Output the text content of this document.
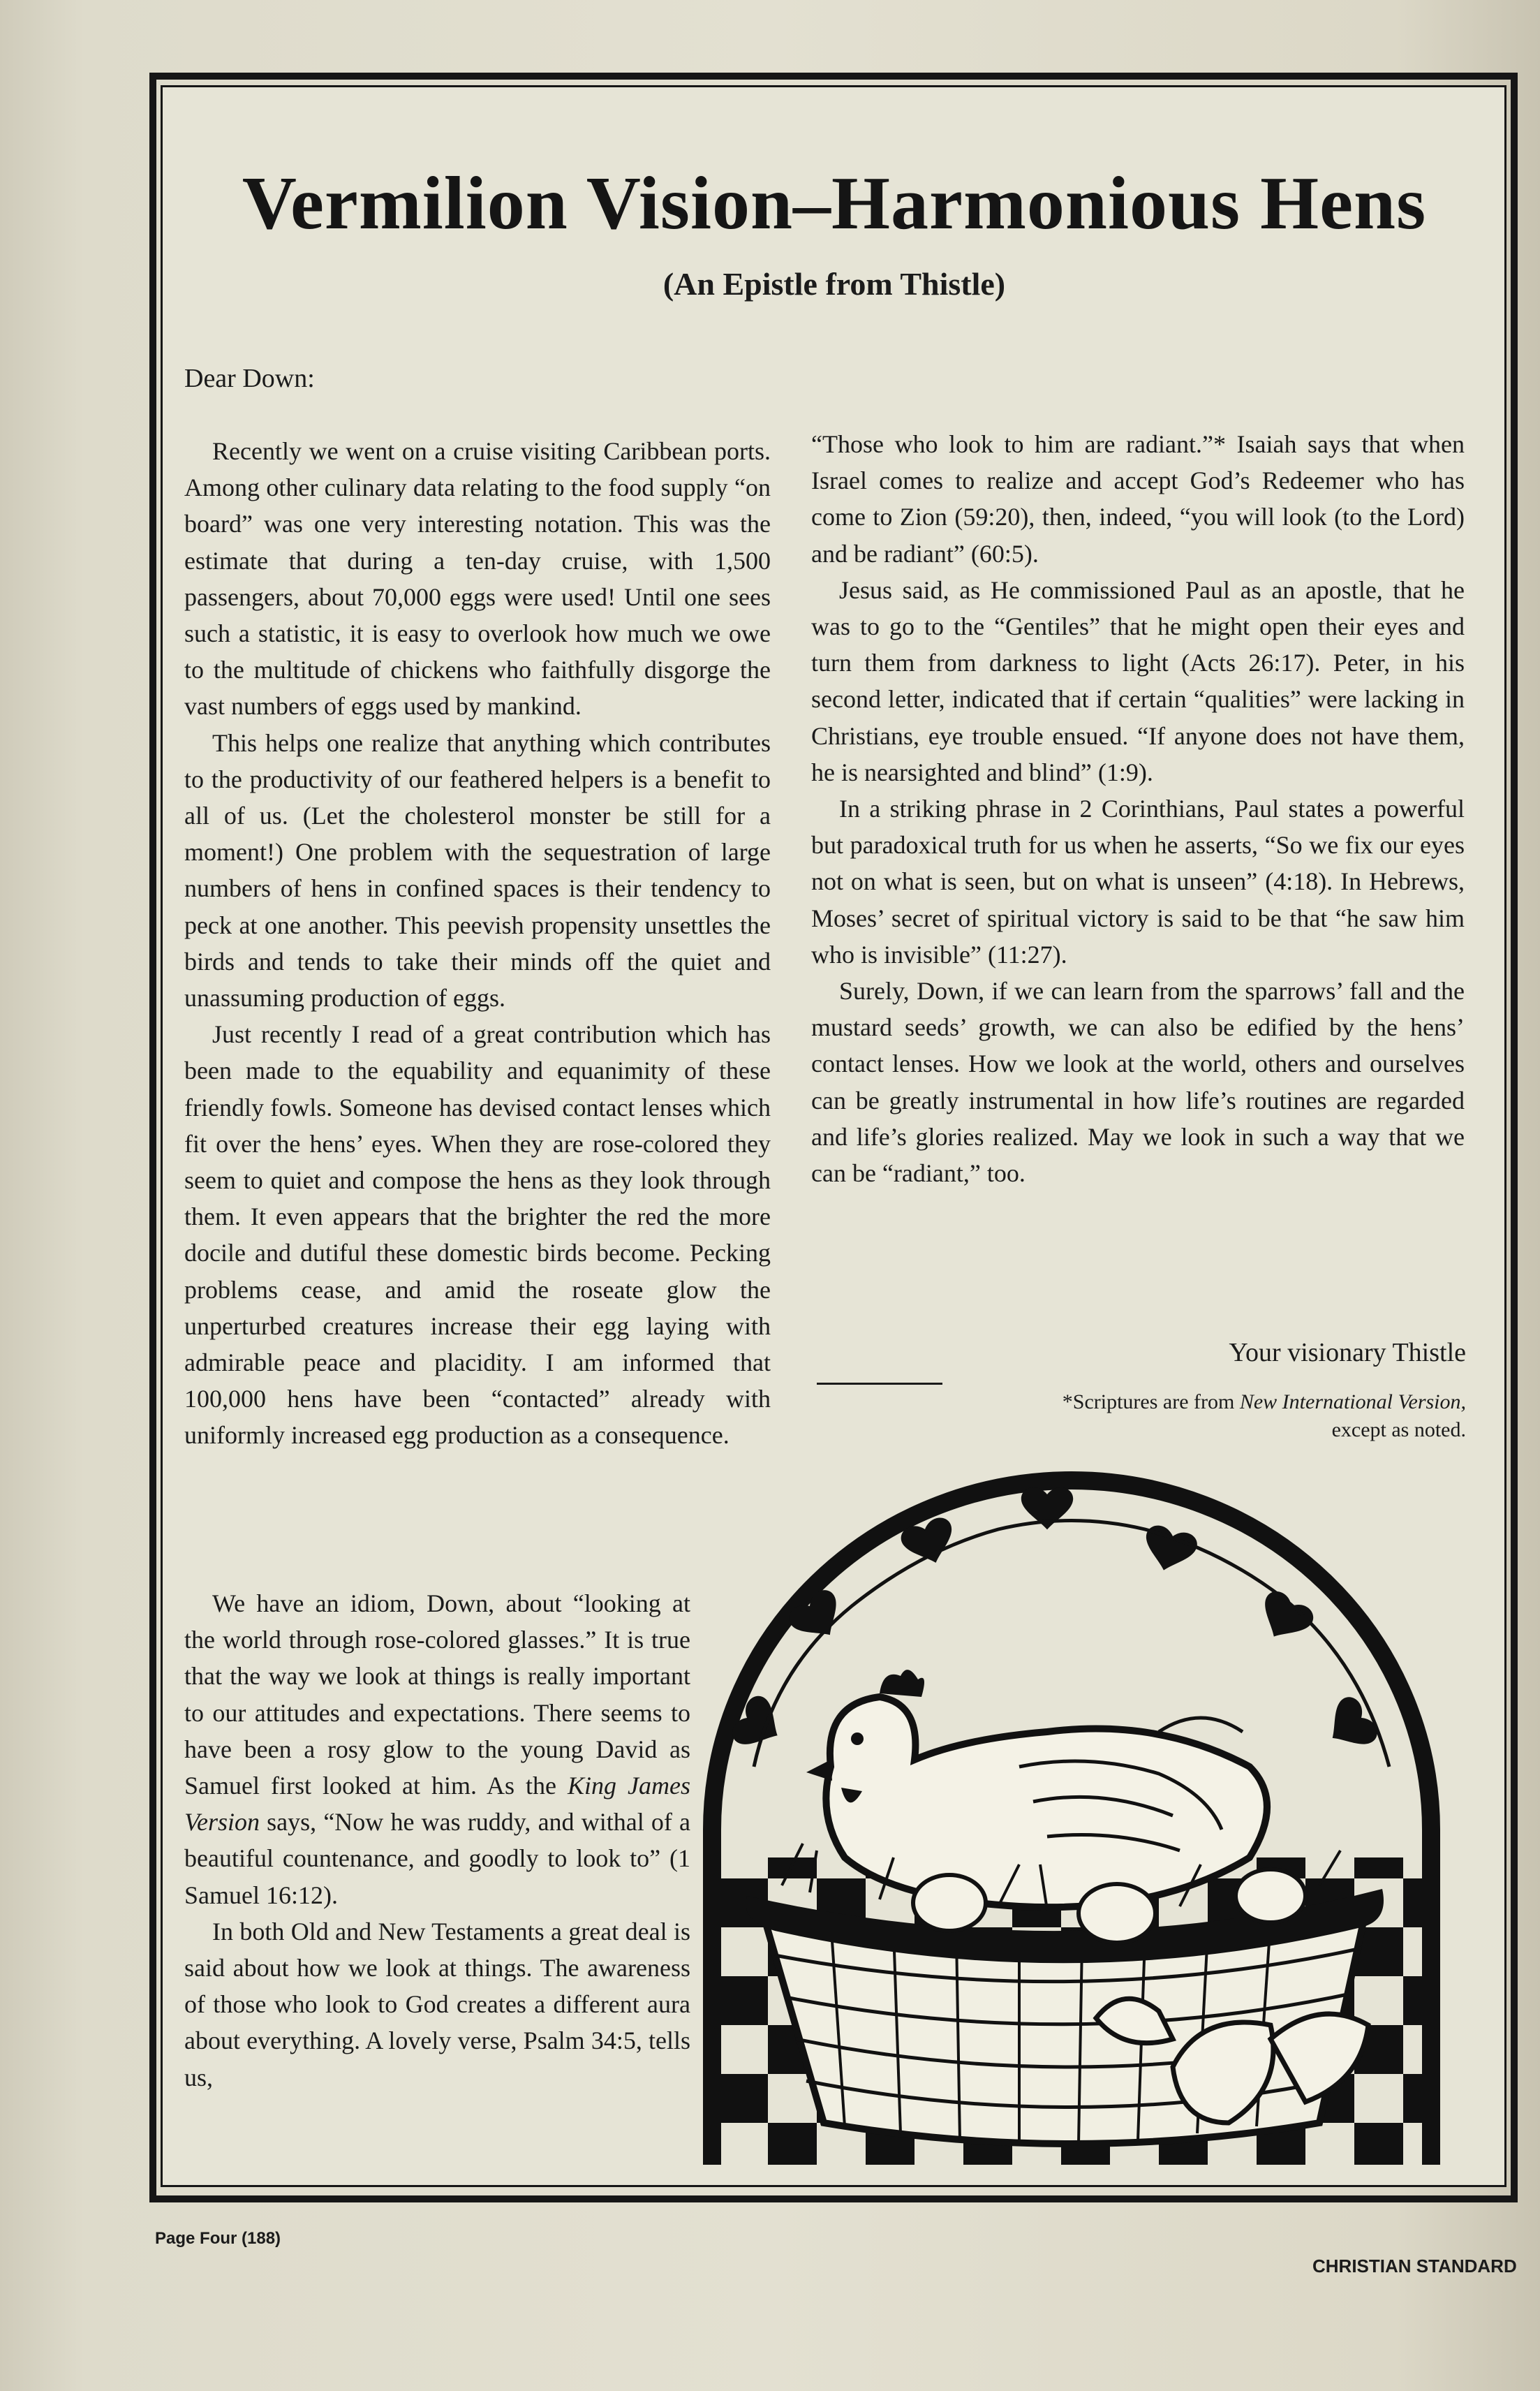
Vermilion Vision–Harmonious Hens
(An Epistle from Thistle)

Dear Down:

Recently we went on a cruise visiting Caribbean ports. Among other culinary data relating to the food supply “on board” was one very interesting notation. This was the estimate that during a ten-day cruise, with 1,500 passengers, about 70,000 eggs were used! Until one sees such a statistic, it is easy to overlook how much we owe to the multitude of chickens who faithfully disgorge the vast numbers of eggs used by mankind.

This helps one realize that anything which contributes to the productivity of our feathered helpers is a benefit to all of us. (Let the cholesterol monster be still for a moment!) One problem with the sequestration of large numbers of hens in confined spaces is their tendency to peck at one another. This peevish propensity unsettles the birds and tends to take their minds off the quiet and unassuming production of eggs.

Just recently I read of a great contribution which has been made to the equability and equanimity of these friendly fowls. Someone has devised contact lenses which fit over the hens’ eyes. When they are rose-colored they seem to quiet and compose the hens as they look through them. It even appears that the brighter the red the more docile and dutiful these domestic birds become. Pecking problems cease, and amid the roseate glow the unperturbed creatures increase their egg laying with admirable peace and placidity. I am informed that 100,000 hens have been “contacted” already with uniformly increased egg production as a consequence.

We have an idiom, Down, about “looking at the world through rose-colored glasses.” It is true that the way we look at things is really important to our attitudes and expectations. There seems to have been a rosy glow to the young David as Samuel first looked at him. As the King James Version says, “Now he was ruddy, and withal of a beautiful countenance, and goodly to look to” (1 Samuel 16:12).

In both Old and New Testaments a great deal is said about how we look at things. The awareness of those who look to God creates a different aura about everything. A lovely verse, Psalm 34:5, tells us,

“Those who look to him are radiant.”* Isaiah says that when Israel comes to realize and accept God’s Redeemer who has come to Zion (59:20), then, indeed, “you will look (to the Lord) and be radiant” (60:5).

Jesus said, as He commissioned Paul as an apostle, that he was to go to the “Gentiles” that he might open their eyes and turn them from darkness to light (Acts 26:17). Peter, in his second letter, indicated that if certain “qualities” were lacking in Christians, eye trouble ensued. “If anyone does not have them, he is nearsighted and blind” (1:9).

In a striking phrase in 2 Corinthians, Paul states a powerful but paradoxical truth for us when he asserts, “So we fix our eyes not on what is seen, but on what is unseen” (4:18). In Hebrews, Moses’ secret of spiritual victory is said to be that “he saw him who is invisible” (11:27).

Surely, Down, if we can learn from the sparrows’ fall and the mustard seeds’ growth, we can also be edified by the hens’ contact lenses. How we look at the world, others and ourselves can be greatly instrumental in how life’s routines are regarded and life’s glories realized. May we look in such a way that we can be “radiant,” too.

Your visionary Thistle

*Scriptures are from New International Version,
except as noted.

Page Four (188)

CHRISTIAN STANDARD
